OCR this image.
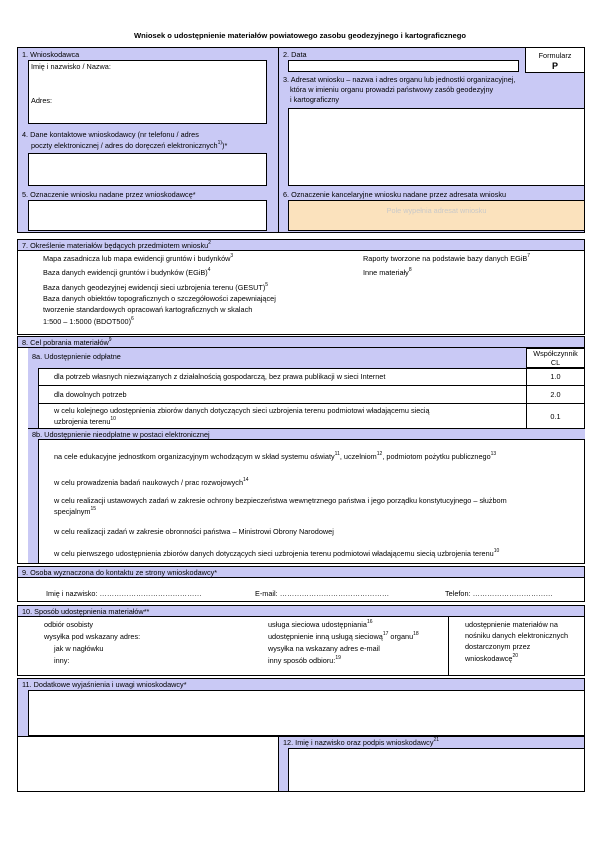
Wniosek o udostępnienie materiałów powiatowego zasobu geodezyjnego i kartograficznego
1. Wnioskodawca
Imię i nazwisko / Nazwa:
Adres:
4. Dane kontaktowe wnioskodawcy (nr telefonu / adres
poczty elektronicznej / adres do doręczeń elektronicznych$^{1)}$)*
5. Oznaczenie wniosku nadane przez wnioskodawcę*
2. Data	Formularz
P
3. Adresat wniosku – nazwa i adres organu lub jednostki organizacyjnej,
która w imieniu organu prowadzi państwowy zasób geodezyjny
i kartograficzny
6. Oznaczenie kancelaryjne wniosku nadane przez adresata wniosku
Pole wypełnia adresat wniosku
7. Określenie materiałów będących przedmiotem wniosku$^2$
Mapa zasadnicza lub mapa ewidencji gruntów i budynków$^3$
Baza danych ewidencji gruntów i budynków (EGiB)$^4$
Baza danych geodezyjnej ewidencji sieci uzbrojenia terenu (GESUT)$^5$
Baza danych obiektów topograficznych o szczegółowości zapewniającej
tworzenie standardowych opracowań kartograficznych w skalach
1:500 – 1:5000 (BDOT500)$^6$
Raporty tworzone na podstawie bazy danych EGiB$^7$
Inne materiały$^8$
8. Cel pobrania materiałów$^9$
8a. Udostępnienie odpłatne	Współczynnik
CL
dla potrzeb własnych niezwiązanych z działalnością gospodarczą, bez prawa publikacji w sieci Internet	1.0
dla dowolnych potrzeb	2.0
w celu kolejnego udostępnienia zbiorów danych dotyczących sieci uzbrojenia terenu podmiotowi władającemu siecią
uzbrojenia terenu$^{10}$	0.1
8b. Udostępnienie nieodpłatne w postaci elektronicznej
na cele edukacyjne jednostkom organizacyjnym wchodzącym w skład systemu oświaty$^{11}$, uczelniom$^{12}$, podmiotom pożytku publicznego$^{13}$
w celu prowadzenia badań naukowych / prac rozwojowych$^{14}$
w celu realizacji ustawowych zadań w zakresie ochrony bezpieczeństwa wewnętrznego państwa i jego porządku konstytucyjnego – służbom
specjalnym$^{15}$
w celu realizacji zadań w zakresie obronności państwa – Ministrowi Obrony Narodowej
w celu pierwszego udostępnienia zbiorów danych dotyczących sieci uzbrojenia terenu podmiotowi władającemu siecią uzbrojenia terenu$^{10}$
9. Osoba wyznaczona do kontaktu ze strony wnioskodawcy*
Imię i nazwisko: ……………………………………	E-mail: ………………………………………	Telefon: ……………………………
10. Sposób udostępnienia materiałów**
odbiór osobisty
wysyłka pod wskazany adres:
jak w nagłówku
inny:
usługa sieciowa udostępniania$^{16}$
udostępnienie inną usługą sieciową$^{17}$ organu$^{18}$
wysyłka na wskazany adres e-mail
inny sposób odbioru:$^{19}$
udostępnienie materiałów na
nośniku danych elektronicznych
dostarczonym przez
wnioskodawcę$^{20}$
11. Dodatkowe wyjaśnienia i uwagi wnioskodawcy*
12. Imię i nazwisko oraz podpis wnioskodawcy$^{21}$
